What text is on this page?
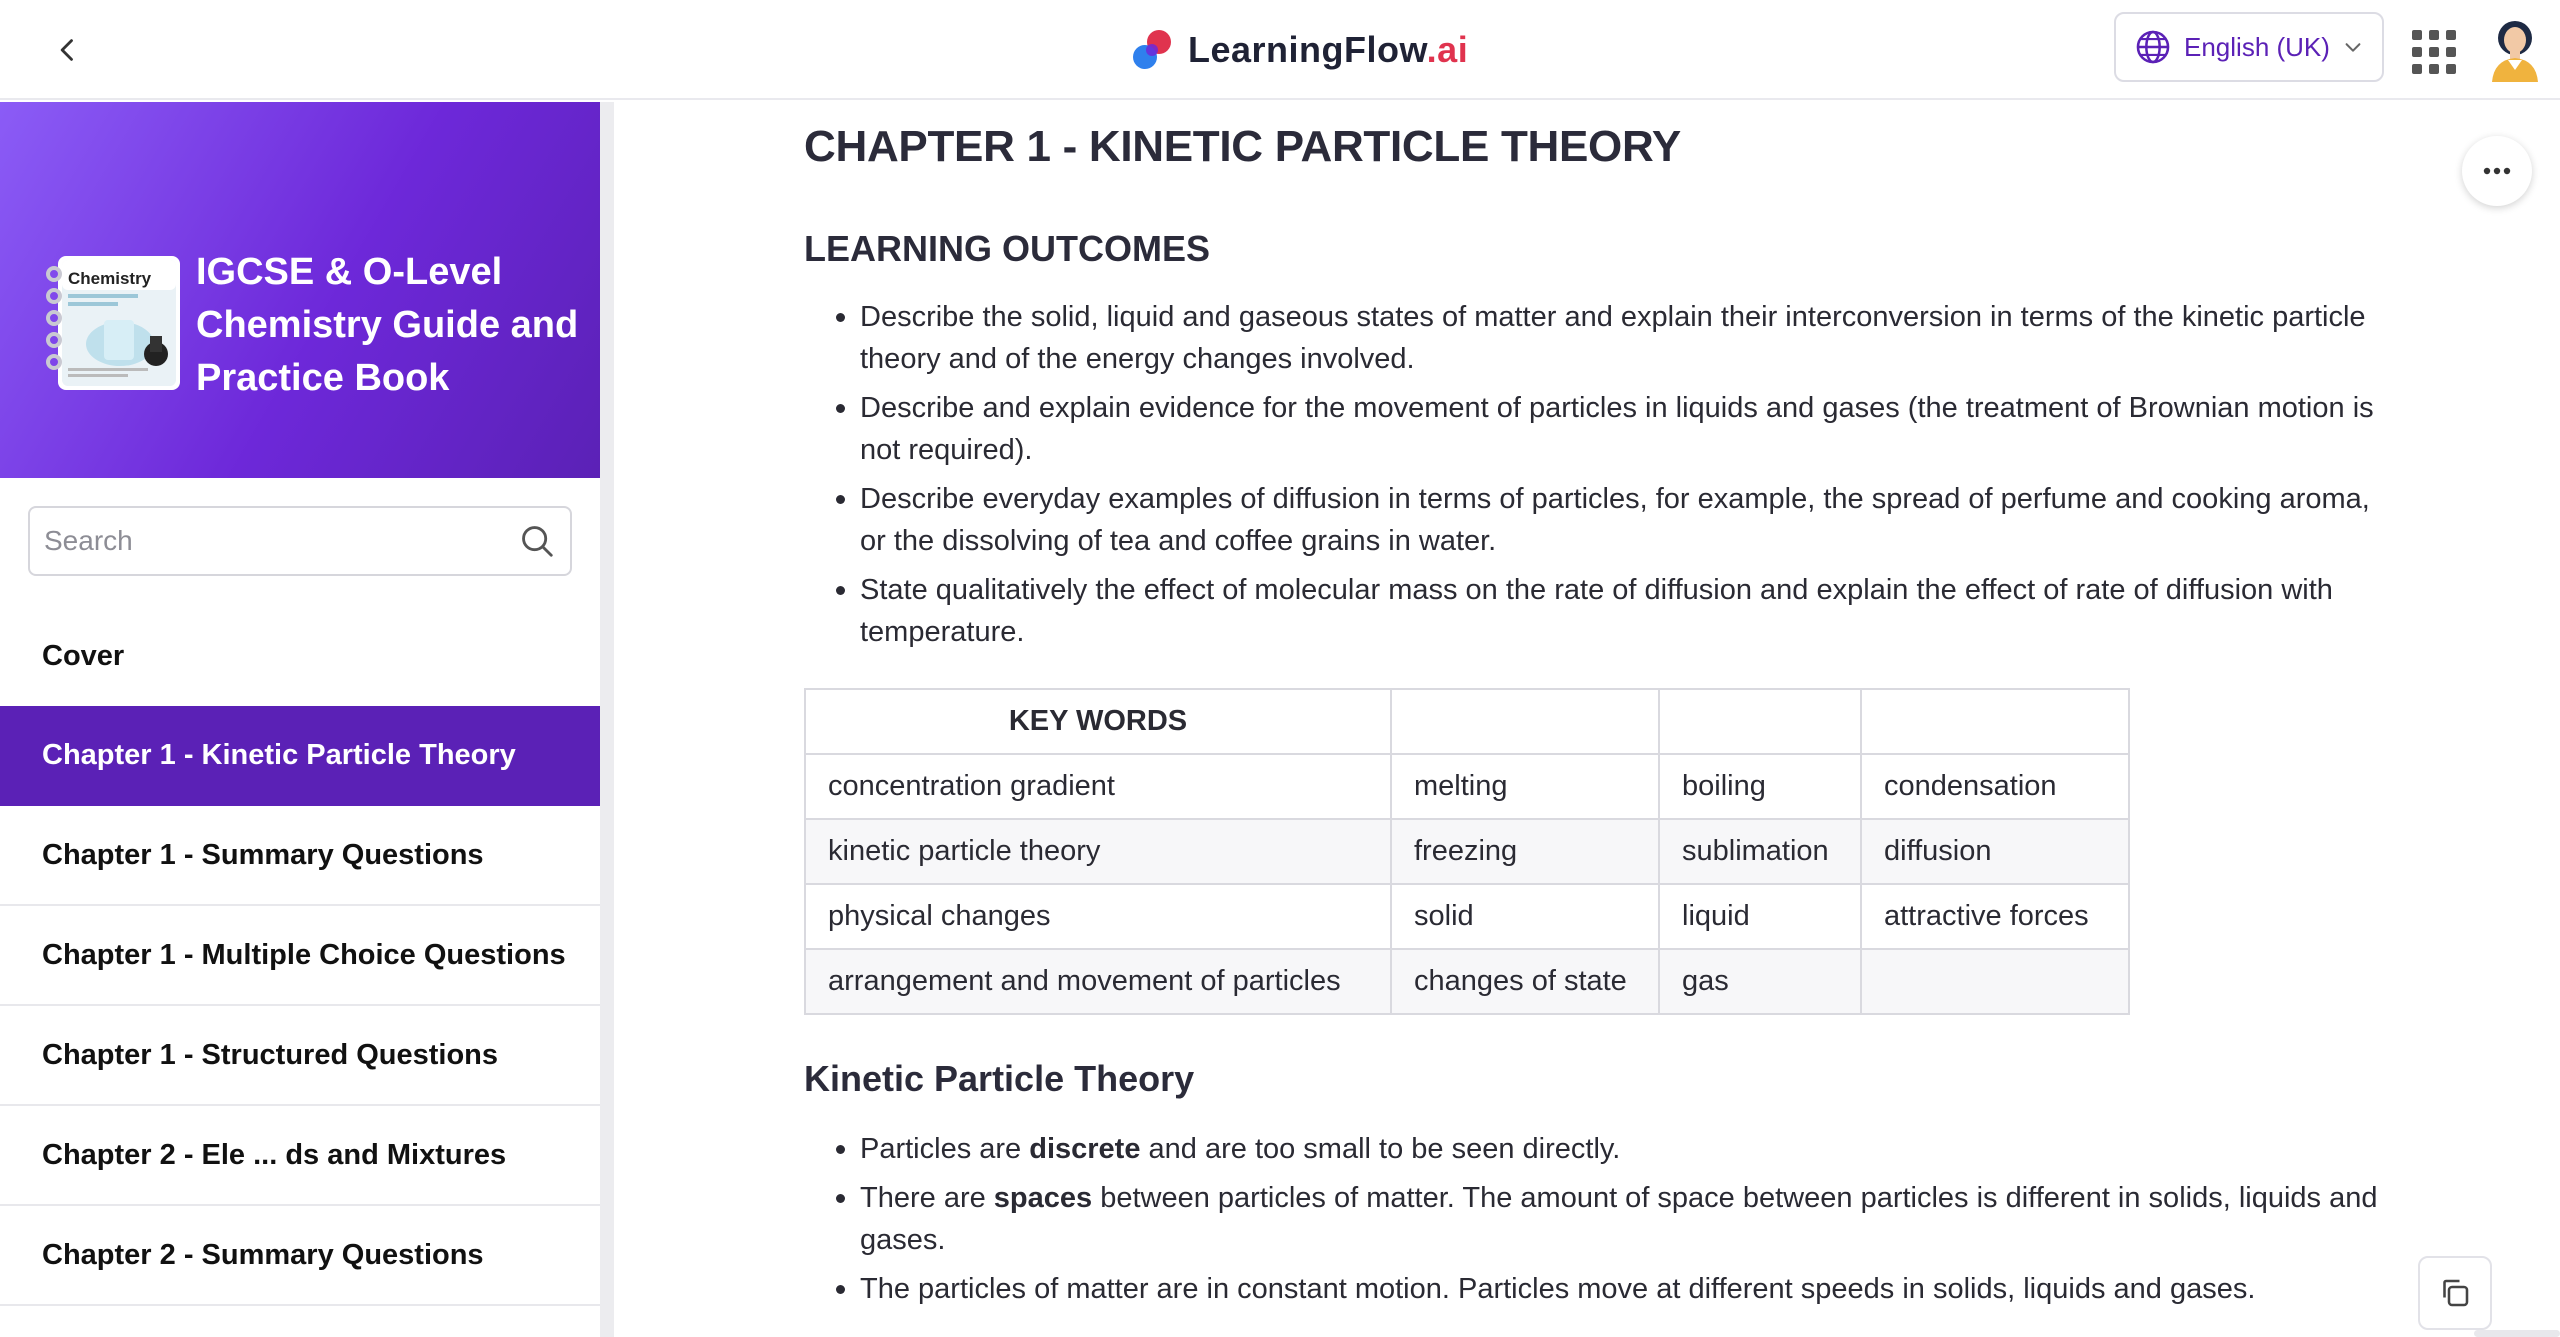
LearningFlow.ai	English (UK)
Chemistry IGCSE & O-Level Chemistry Guide and Practice Book
Search
Cover
Chapter 1 - Kinetic Particle Theory
Chapter 1 - Summary Questions
Chapter 1 - Multiple Choice Questions
Chapter 1 - Structured Questions
Chapter 2 - Ele ... ds and Mixtures
Chapter 2 - Summary Questions
CHAPTER 1 - KINETIC PARTICLE THEORY
LEARNING OUTCOMES
Describe the solid, liquid and gaseous states of matter and explain their interconversion in terms of the kinetic particle theory and of the energy changes involved.
Describe and explain evidence for the movement of particles in liquids and gases (the treatment of Brownian motion is not required).
Describe everyday examples of diffusion in terms of particles, for example, the spread of perfume and cooking aroma, or the dissolving of tea and coffee grains in water.
State qualitatively the effect of molecular mass on the rate of diffusion and explain the effect of rate of diffusion with temperature.
KEY WORDS			
concentration gradient	melting	boiling	condensation
kinetic particle theory	freezing	sublimation	diffusion
physical changes	solid	liquid	attractive forces
arrangement and movement of particles	changes of state	gas	
Kinetic Particle Theory
Particles are discrete and are too small to be seen directly.
There are spaces between particles of matter. The amount of space between particles is different in solids, liquids and gases.
The particles of matter are in constant motion. Particles move at different speeds in solids, liquids and gases.
